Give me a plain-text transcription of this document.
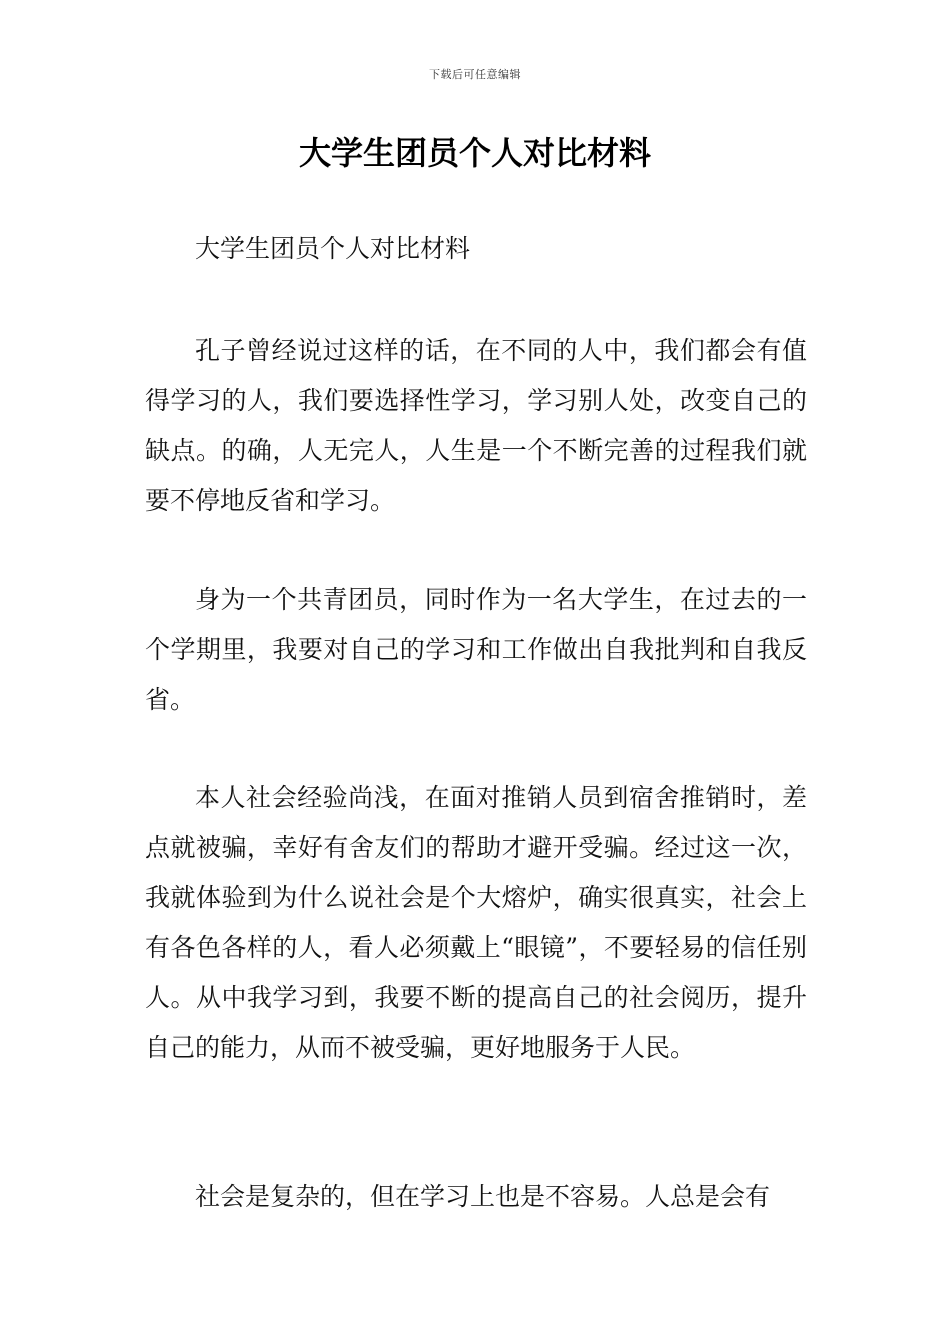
下载后可任意编辑
大学生团员个人对比材料

大学生团员个人对比材料

孔子曾经说过这样的话，在不同的人中，我们都会有值得学习的人，我们要选择性学习，学习别人处，改变自己的缺点。的确，人无完人，人生是一个不断完善的过程我们就要不停地反省和学习。

身为一个共青团员，同时作为一名大学生，在过去的一个学期里，我要对自己的学习和工作做出自我批判和自我反省。

本人社会经验尚浅，在面对推销人员到宿舍推销时，差点就被骗，幸好有舍友们的帮助才避开受骗。经过这一次，我就体验到为什么说社会是个大熔炉，确实很真实，社会上有各色各样的人，看人必须戴上“眼镜”，不要轻易的信任别人。从中我学习到，我要不断的提高自己的社会阅历，提升自己的能力，从而不被受骗，更好地服务于人民。

社会是复杂的，但在学习上也是不容易。人总是会有
